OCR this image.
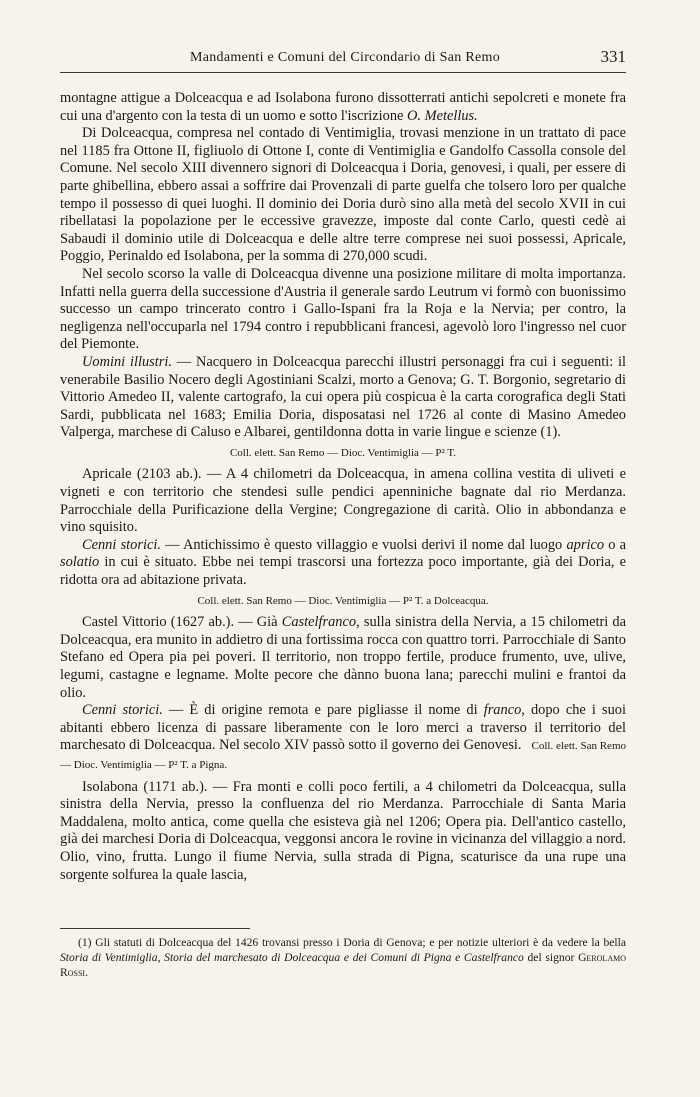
Mandamenti e Comuni del Circondario di San Remo	331

montagne attigue a Dolceacqua e ad Isolabona furono dissotterrati antichi sepolcreti e monete fra cui una d'argento con la testa di un uomo e sotto l'iscrizione O. Metellus.

Di Dolceacqua, compresa nel contado di Ventimiglia, trovasi menzione in un trattato di pace nel 1185 fra Ottone II, figliuolo di Ottone I, conte di Ventimiglia e Gandolfo Cassolla console del Comune. Nel secolo XIII divennero signori di Dolceacqua i Doria, genovesi, i quali, per essere di parte ghibellina, ebbero assai a soffrire dai Provenzali di parte guelfa che tolsero loro per qualche tempo il possesso di quei luoghi. Il dominio dei Doria durò sino alla metà del secolo XVII in cui ribellatasi la popolazione per le eccessive gravezze, imposte dal conte Carlo, questi cedè ai Sabaudi il dominio utile di Dolceacqua e delle altre terre comprese nei suoi possessi, Apricale, Poggio, Perinaldo ed Isolabona, per la somma di 270,000 scudi.

Nel secolo scorso la valle di Dolceacqua divenne una posizione militare di molta importanza. Infatti nella guerra della successione d'Austria il generale sardo Leutrum vi formò con buonissimo successo un campo trincerato contro i Gallo-Ispani fra la Roja e la Nervia; per contro, la negligenza nell'occuparla nel 1794 contro i repubblicani francesi, agevolò loro l'ingresso nel cuor del Piemonte.

Uomini illustri. — Nacquero in Dolceacqua parecchi illustri personaggi fra cui i seguenti: il venerabile Basilio Nocero degli Agostiniani Scalzi, morto a Genova; G. T. Borgonio, segretario di Vittorio Amedeo II, valente cartografo, la cui opera più cospicua è la carta corografica degli Stati Sardi, pubblicata nel 1683; Emilia Doria, disposatasi nel 1726 al conte di Masino Amedeo Valperga, marchese di Caluso e Albarei, gentildonna dotta in varie lingue e scienze (1).

Coll. elett. San Remo — Dioc. Ventimiglia — P² T.

Apricale (2103 ab.). — A 4 chilometri da Dolceacqua, in amena collina vestita di uliveti e vigneti e con territorio che stendesi sulle pendici apenniniche bagnate dal rio Merdanza. Parrocchiale della Purificazione della Vergine; Congregazione di carità. Olio in abbondanza e vino squisito.

Cenni storici. — Antichissimo è questo villaggio e vuolsi derivi il nome dal luogo aprico o a solatio in cui è situato. Ebbe nei tempi trascorsi una fortezza poco importante, già dei Doria, e ridotta ora ad abitazione privata.

Coll. elett. San Remo — Dioc. Ventimiglia — P² T. a Dolceacqua.

Castel Vittorio (1627 ab.). — Già Castelfranco, sulla sinistra della Nervia, a 15 chilometri da Dolceacqua, era munito in addietro di una fortissima rocca con quattro torri. Parrocchiale di Santo Stefano ed Opera pia pei poveri. Il territorio, non troppo fertile, produce frumento, uve, ulive, legumi, castagne e legname. Molte pecore che dànno buona lana; parecchi mulini e frantoi da olio.

Cenni storici. — È di origine remota e pare pigliasse il nome di franco, dopo che i suoi abitanti ebbero licenza di passare liberamente con le loro merci a traverso il territorio del marchesato di Dolceacqua. Nel secolo XIV passò sotto il governo dei Genovesi. Coll. elett. San Remo — Dioc. Ventimiglia — P² T. a Pigna.

Isolabona (1171 ab.). — Fra monti e colli poco fertili, a 4 chilometri da Dolceacqua, sulla sinistra della Nervia, presso la confluenza del rio Merdanza. Parrocchiale di Santa Maria Maddalena, molto antica, come quella che esisteva già nel 1206; Opera pia. Dell'antico castello, già dei marchesi Doria di Dolceacqua, veggonsi ancora le rovine in vicinanza del villaggio a nord. Olio, vino, frutta. Lungo il fiume Nervia, sulla strada di Pigna, scaturisce da una rupe una sorgente solfurea la quale lascia,

(1) Gli statuti di Dolceacqua del 1426 trovansi presso i Doria di Genova; e per notizie ulteriori è da vedere la bella Storia di Ventimiglia, Storia del marchesato di Dolceacqua e dei Comuni di Pigna e Castelfranco del signor Gerolamo Rossi.
